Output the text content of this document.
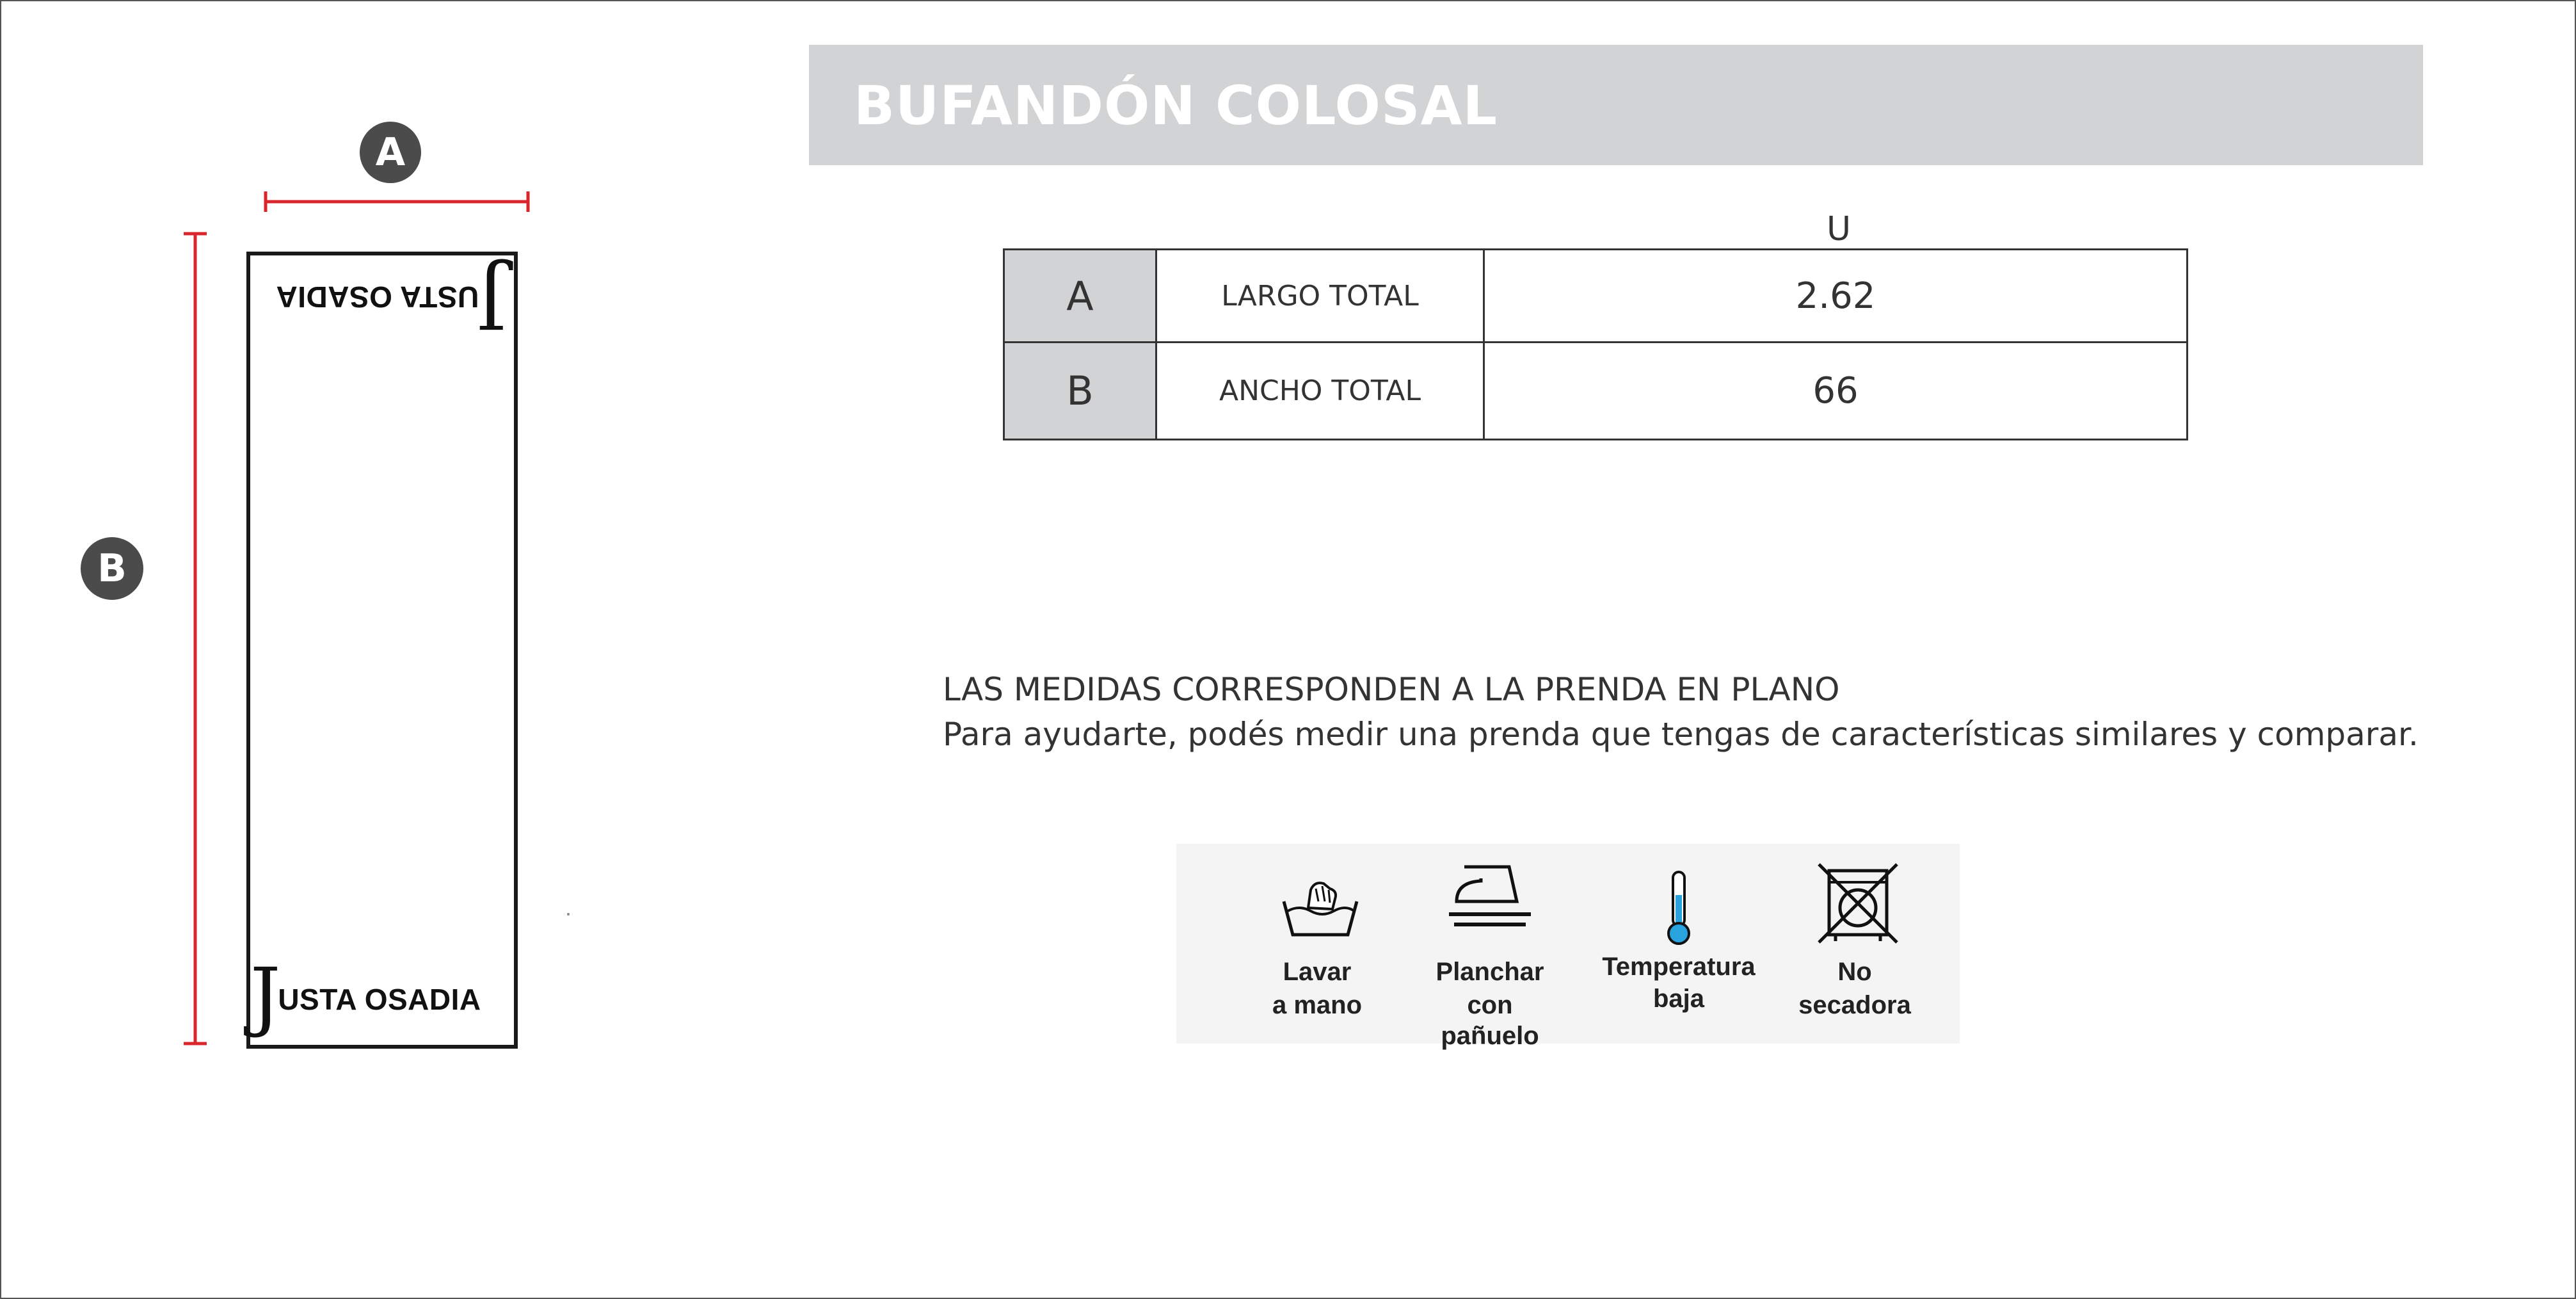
BUFANDÓN COLOSAL
A
B
J
USTA OSADIA
J
USTA OSADIA
U
A	LARGO TOTAL	2.62
B	ANCHO TOTAL	66
LAS MEDIDAS CORRESPONDEN A LA PRENDA EN PLANO
Para ayudarte, podés medir una prenda que tengas de características similares y comparar.
Lavar
a mano
Planchar
con pañuelo
Temperatura
baja
No
secadora
